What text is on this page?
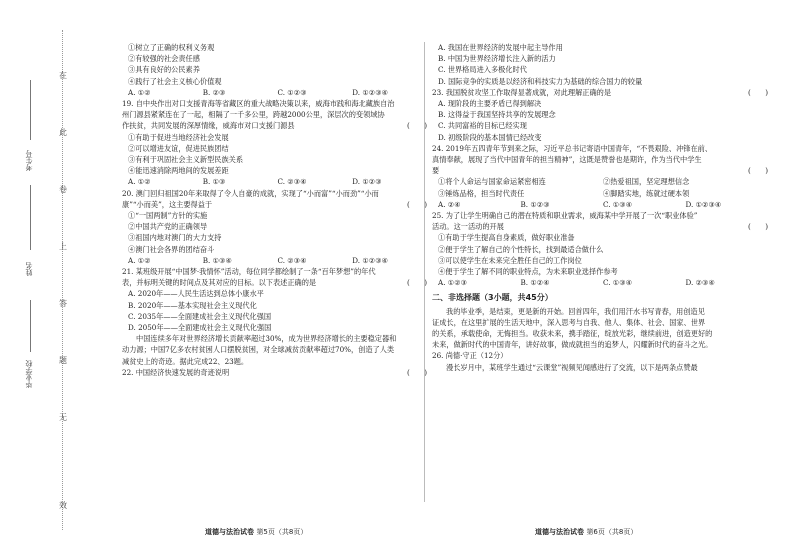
在
此
卷
上
答
题
无
效
考生号
姓名
毕业学校

①树立了正确的权利义务观

②有较强的社会责任感

③具有良好的公民素养

④践行了社会主义核心价值观

A. ①②	B. ②③	C. ①②③	D. ①②③④

19. 自中央作出对口支援青海等省藏区的重大战略决策以来，威海市践和海北藏族自治

州门源县紧紧连在了一起，相隔了一千多公里，跨越2000公里，深层次的变领域协

作扶贫，共同发展的深厚情缘，威海市对口支援门源县	(　　)

①有助于促进当地经济社会发展

②可以增进友谊，促进民族团结

③有利于巩固社会主义新型民族关系

④能迅速消除两地间的发展差距

A. ①②	B. ①③	C. ②③④	D. ①②③

20. 澳门回归祖国20年来取得了令人自豪的成就，实现了“小而富”“小而劲”“小而

康”“小而美”，这主要得益于	(　　)

①“一国两制”方针的实施

②中国共产党的正确领导

③祖国内地对澳门的大力支持

④澳门社会各界的团结奋斗

A. ①②	B. ①③④	C. ②③④	D. ①②③④

21. 某班级开展“中国梦·我情怀”活动，每位同学都绘制了一条“百年梦想”的年代

表，并标明关键的时间点及其对应的目标。以下表述正确的是	(　　)

A. 2020年——人民生活达到总体小康水平

B. 2020年——基本实现社会主义现代化

C. 2035年——全面建成社会主义现代化强国

D. 2050年——全面建成社会主义现代化强国

中国连续多年对世界经济增长贡献率超过30%，成为世界经济增长的主要稳定器和

动力源；中国7亿多农村贫困人口摆脱贫困，对全球减贫贡献率超过70%，创造了人类

减贫史上的奇迹。据此完成22、23题。

22. 中国经济快速发展的奇迹说明	(　　)

A. 我国在世界经济的发展中起主导作用

B. 中国为世界经济增长注入新的活力

C. 世界格局进入多极化时代

D. 国际竞争的实质是以经济和科技实力为基础的综合国力的较量

23. 我国脱贫攻坚工作取得显著成就，对此理解正确的是	(　　)

A. 现阶段的主要矛盾已得到解决

B. 这得益于我国坚持共享的发展理念

C. 共同富裕的目标已经实现

D. 初级阶段的基本国情已经改变

24. 2019年五四青年节到来之际，习近平总书记寄语中国青年，“不畏艰险、冲锋在前、

真情奉献，展现了当代中国青年的担当精神”，这既是赞誉也是期许，作为当代中学生

要	(　　)
①将个人命运与国家命运紧密相连	②热爱祖国，坚定理想信念
③锤炼品格，担当时代责任	④脚踏实地，练就过硬本领
A. ②④	B. ①②③	C. ①③④	D. ①②③④

25. 为了让学生明确自己的潜在特质和职业需求，威海某中学开展了一次“职业体验”

活动。这一活动的开展	(　　)

①有助于学生提高自身素质，做好职业准备

②便于学生了解自己的个性特长，找到最适合做什么

③可以使学生在未来完全胜任自己的工作岗位

④便于学生了解不同的职业特点，为未来职业选择作参考

A. ①②③	B. ①②④	C. ①③④	D. ②③④

二、非选择题（3小题，共45分）

我的毕业季，是结束，更是新的开始。回首四年，我们用汗水书写青春，用创造见

证成长，在这里扩展的生活天地中，深入思考与自我、他人、集体、社会、国家、世界

的关系，承载使命，无悔担当。收获未来，携手踏征，绽放光彩，继续前进，创造更好的

未来，做新时代的中国青年，讲好故事，做成就担当的追梦人，闪耀新时代的奋斗之光。

26. 尚德·守正（12分）

漫长岁月中，某班学生通过“云课堂”视频见闻感进行了交流，以下是两条点赞最

道德与法治试卷 第5页（共8页）	道德与法治试卷 第6页（共8页）
